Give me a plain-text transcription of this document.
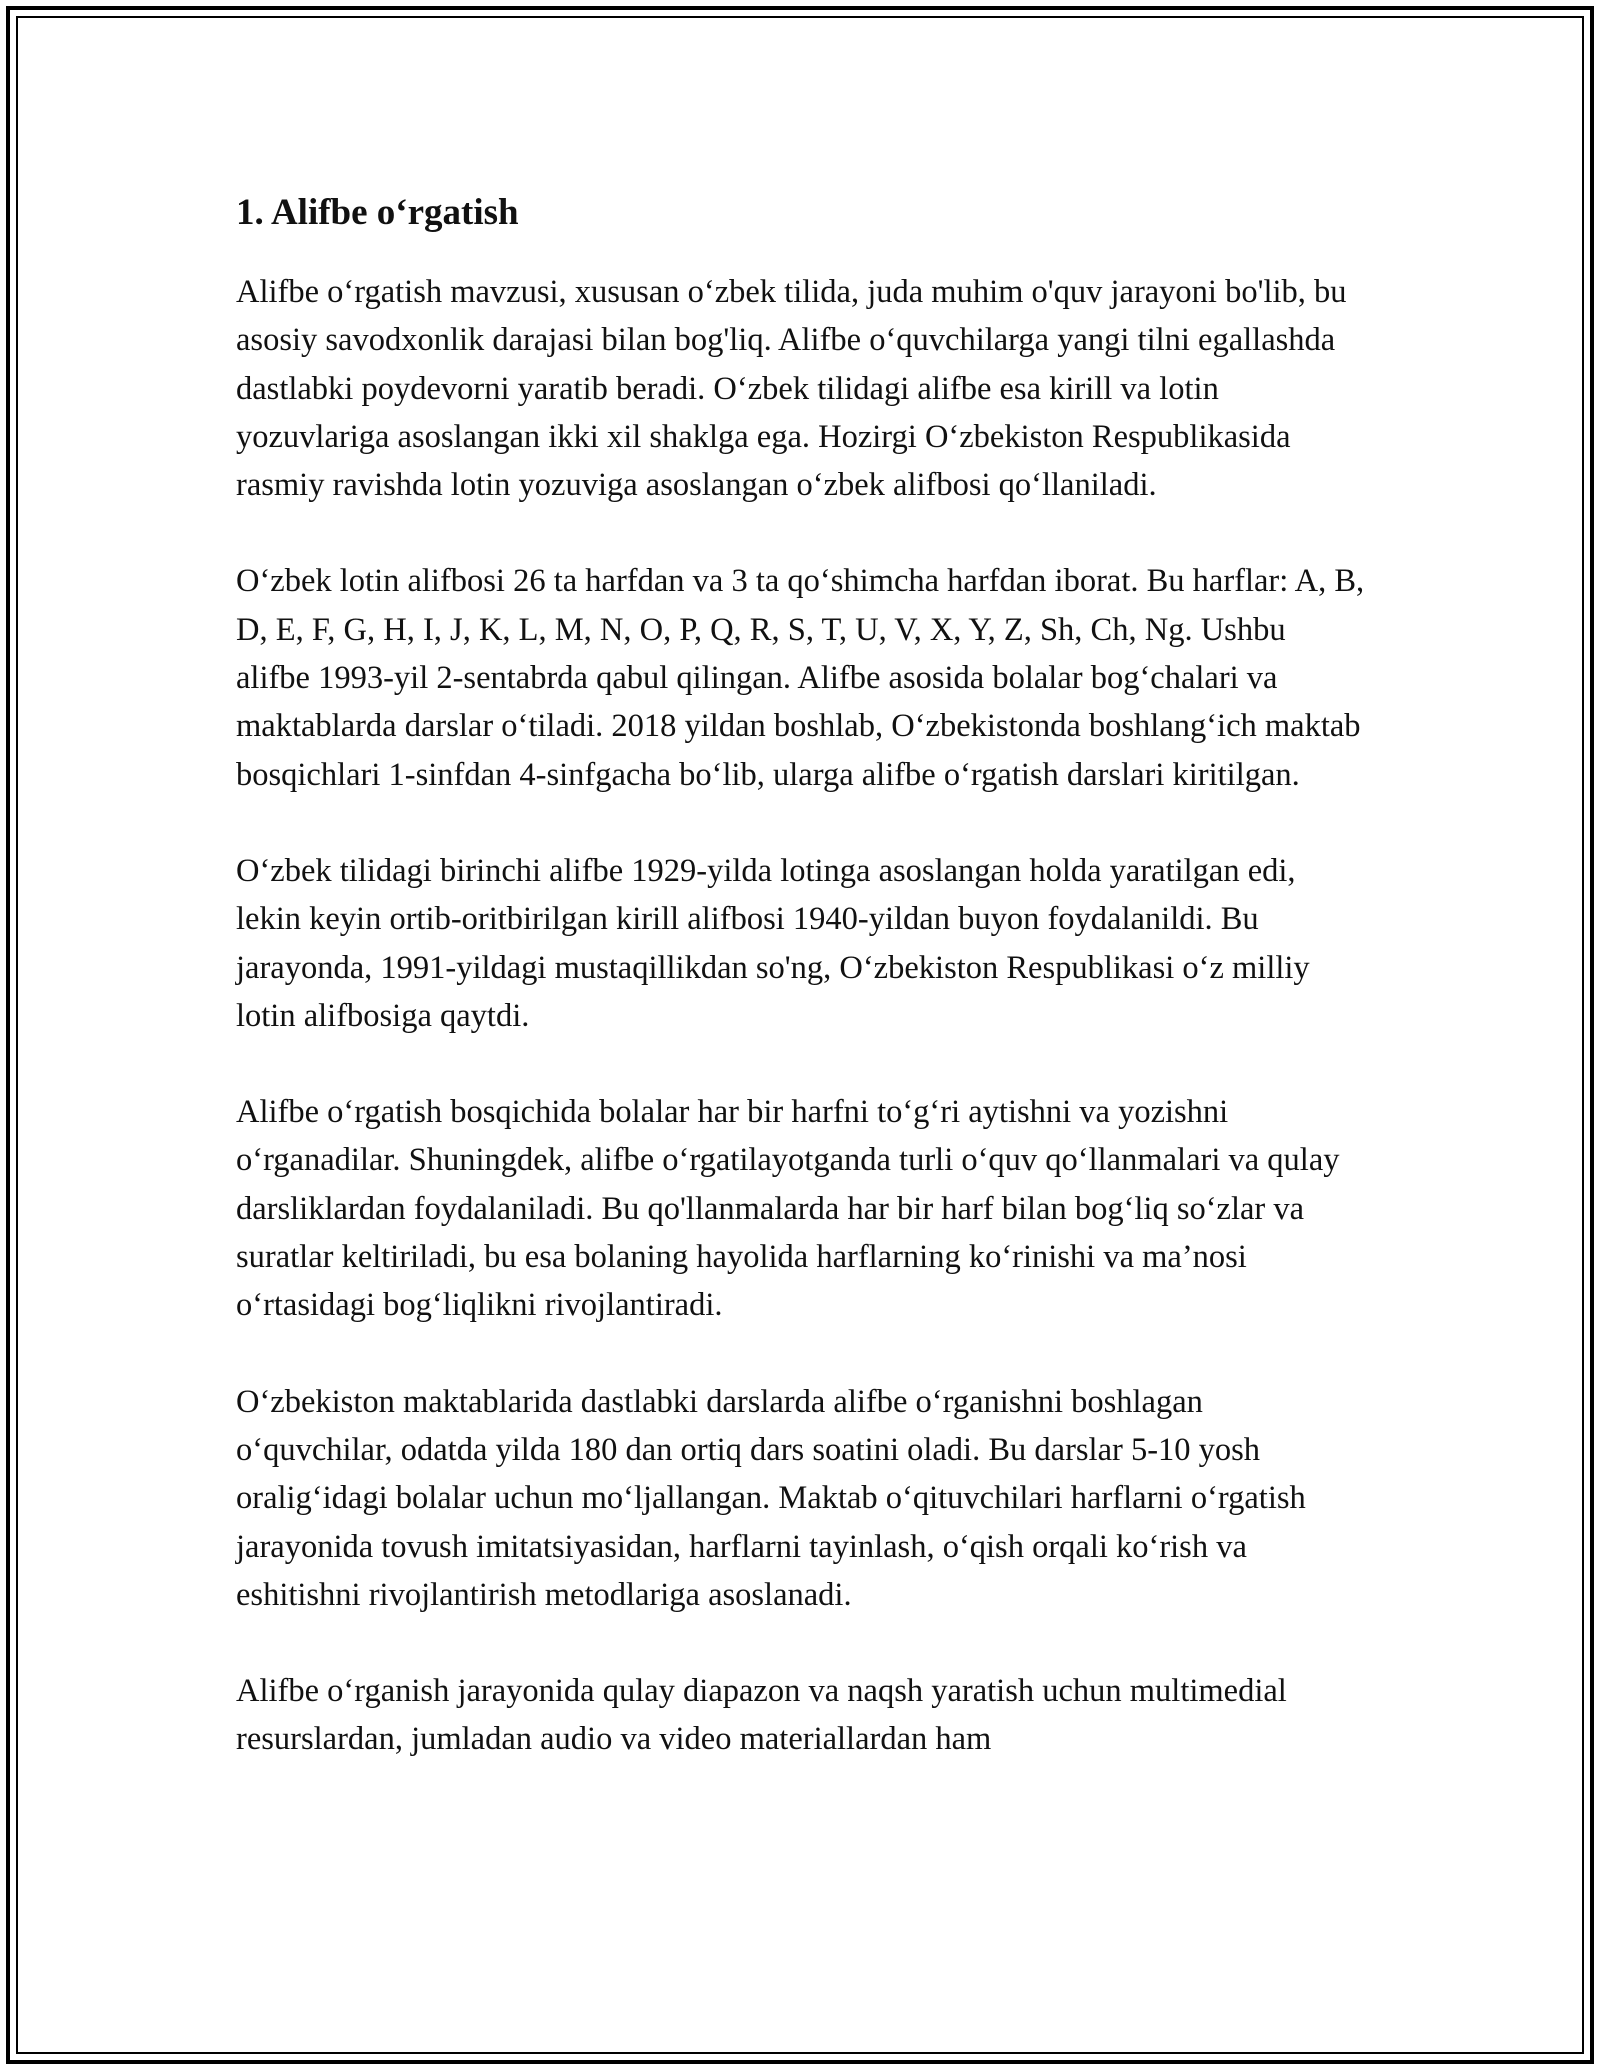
1. Alifbe o‘rgatish

Alifbe o‘rgatish mavzusi, xususan o‘zbek tilida, juda muhim o'quv jarayoni bo'lib, bu asosiy savodxonlik darajasi bilan bog'liq. Alifbe o‘quvchilarga yangi tilni egallashda dastlabki poydevorni yaratib beradi. O‘zbek tilidagi alifbe esa kirill va lotin yozuvlariga asoslangan ikki xil shaklga ega. Hozirgi O‘zbekiston Respublikasida rasmiy ravishda lotin yozuviga asoslangan o‘zbek alifbosi qo‘llaniladi.

O‘zbek lotin alifbosi 26 ta harfdan va 3 ta qo‘shimcha harfdan iborat. Bu harflar: A, B, D, E, F, G, H, I, J, K, L, M, N, O, P, Q, R, S, T, U, V, X, Y, Z, Sh, Ch, Ng. Ushbu alifbe 1993-yil 2-sentabrda qabul qilingan. Alifbe asosida bolalar bog‘chalari va maktablarda darslar o‘tiladi. 2018 yildan boshlab, O‘zbekistonda boshlang‘ich maktab bosqichlari 1-sinfdan 4-sinfgacha bo‘lib, ularga alifbe o‘rgatish darslari kiritilgan.

O‘zbek tilidagi birinchi alifbe 1929-yilda lotinga asoslangan holda yaratilgan edi, lekin keyin ortib-oritbirilgan kirill alifbosi 1940-yildan buyon foydalanildi. Bu jarayonda, 1991-yildagi mustaqillikdan so'ng, O‘zbekiston Respublikasi o‘z milliy lotin alifbosiga qaytdi.

Alifbe o‘rgatish bosqichida bolalar har bir harfni to‘g‘ri aytishni va yozishni o‘rganadilar. Shuningdek, alifbe o‘rgatilayotganda turli o‘quv qo‘llanmalari va qulay darsliklardan foydalaniladi. Bu qo'llanmalarda har bir harf bilan bog‘liq so‘zlar va suratlar keltiriladi, bu esa bolaning hayolida harflarning ko‘rinishi va ma’nosi o‘rtasidagi bog‘liqlikni rivojlantiradi.

O‘zbekiston maktablarida dastlabki darslarda alifbe o‘rganishni boshlagan o‘quvchilar, odatda yilda 180 dan ortiq dars soatini oladi. Bu darslar 5-10 yosh oralig‘idagi bolalar uchun mo‘ljallangan. Maktab o‘qituvchilari harflarni o‘rgatish jarayonida tovush imitatsiyasidan, harflarni tayinlash, o‘qish orqali ko‘rish va eshitishni rivojlantirish metodlariga asoslanadi.

Alifbe o‘rganish jarayonida qulay diapazon va naqsh yaratish uchun multimedial resurslardan, jumladan audio va video materiallardan ham
